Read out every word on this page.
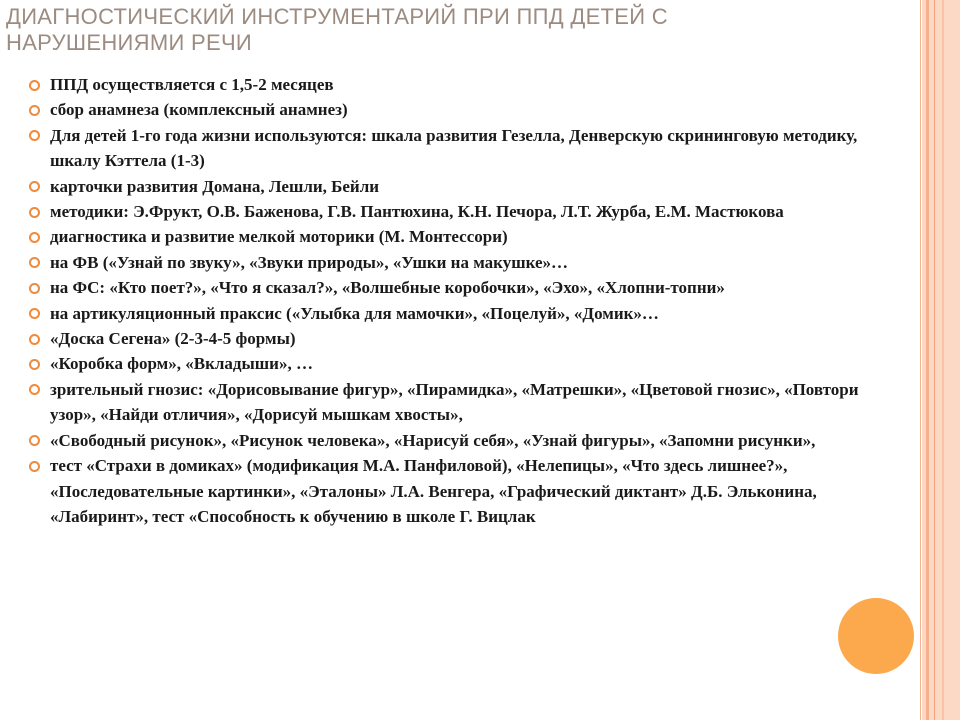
ДИАГНОСТИЧЕСКИЙ ИНСТРУМЕНТАРИЙ ПРИ ППД ДЕТЕЙ С
НАРУШЕНИЯМИ РЕЧИ
ППД осуществляется с 1,5-2 месяцев
сбор анамнеза (комплексный анамнез)
Для детей 1-го года жизни используются: шкала развития Гезелла, Денверскую скрининговую методику, шкалу Кэттела (1-3)
карточки развития Домана, Лешли, Бейли
методики: Э.Фрукт, О.В. Баженова, Г.В. Пантюхина, К.Н. Печора, Л.Т. Журба, Е.М. Мастюкова
диагностика и развитие мелкой моторики (М. Монтессори)
на ФВ («Узнай по звуку», «Звуки природы», «Ушки на макушке»…
на ФС: «Кто поет?», «Что я сказал?», «Волшебные коробочки», «Эхо», «Хлопни-топни»
на артикуляционный праксис («Улыбка для мамочки», «Поцелуй», «Домик»…
«Доска Сегена» (2-3-4-5 формы)
«Коробка форм», «Вкладыши», …
зрительный гнозис: «Дорисовывание фигур», «Пирамидка», «Матрешки», «Цветовой гнозис», «Повтори узор», «Найди отличия», «Дорисуй мышкам хвосты»,
«Свободный рисунок», «Рисунок человека», «Нарисуй себя», «Узнай фигуры», «Запомни рисунки»,
тест «Страхи в домиках» (модификация М.А. Панфиловой), «Нелепицы», «Что здесь лишнее?», «Последовательные картинки», «Эталоны» Л.А. Венгера, «Графический диктант» Д.Б. Эльконина, «Лабиринт», тест «Способность к обучению в школе Г. Вицлак
